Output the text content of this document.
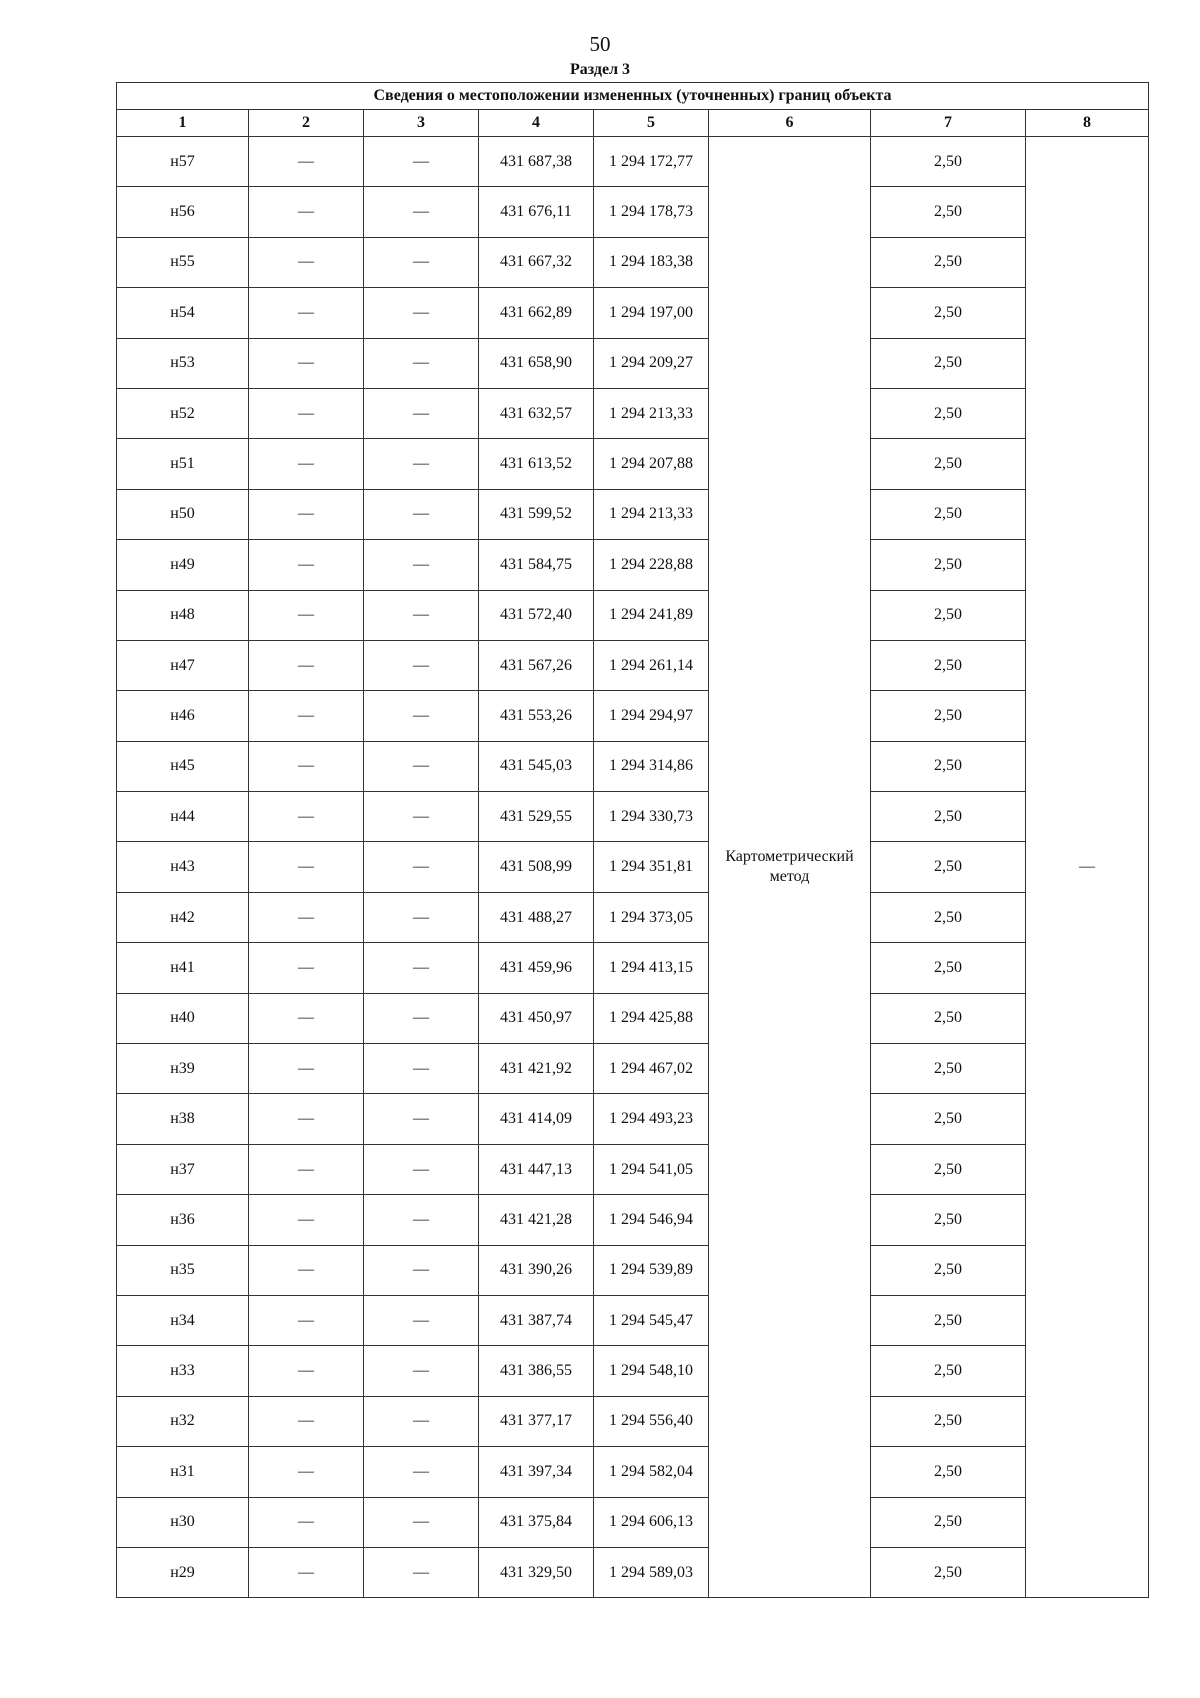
50
Раздел 3
Сведения о местоположении измененных (уточненных) границ объекта							
1	2	3	4	5	6	7	8
н57	—	—	431 687,38	1 294 172,77	Картометрический метод	2,50	—
н56	—	—	431 676,11	1 294 178,73		2,50	
н55	—	—	431 667,32	1 294 183,38		2,50	
н54	—	—	431 662,89	1 294 197,00		2,50	
н53	—	—	431 658,90	1 294 209,27		2,50	
н52	—	—	431 632,57	1 294 213,33		2,50	
н51	—	—	431 613,52	1 294 207,88		2,50	
н50	—	—	431 599,52	1 294 213,33		2,50	
н49	—	—	431 584,75	1 294 228,88		2,50	
н48	—	—	431 572,40	1 294 241,89		2,50	
н47	—	—	431 567,26	1 294 261,14		2,50	
н46	—	—	431 553,26	1 294 294,97		2,50	
н45	—	—	431 545,03	1 294 314,86		2,50	
н44	—	—	431 529,55	1 294 330,73		2,50	
н43	—	—	431 508,99	1 294 351,81		2,50	
н42	—	—	431 488,27	1 294 373,05		2,50	
н41	—	—	431 459,96	1 294 413,15		2,50	
н40	—	—	431 450,97	1 294 425,88		2,50	
н39	—	—	431 421,92	1 294 467,02		2,50	
н38	—	—	431 414,09	1 294 493,23		2,50	
н37	—	—	431 447,13	1 294 541,05		2,50	
н36	—	—	431 421,28	1 294 546,94		2,50	
н35	—	—	431 390,26	1 294 539,89		2,50	
н34	—	—	431 387,74	1 294 545,47		2,50	
н33	—	—	431 386,55	1 294 548,10		2,50	
н32	—	—	431 377,17	1 294 556,40		2,50	
н31	—	—	431 397,34	1 294 582,04		2,50	
н30	—	—	431 375,84	1 294 606,13		2,50	
н29	—	—	431 329,50	1 294 589,03		2,50	
